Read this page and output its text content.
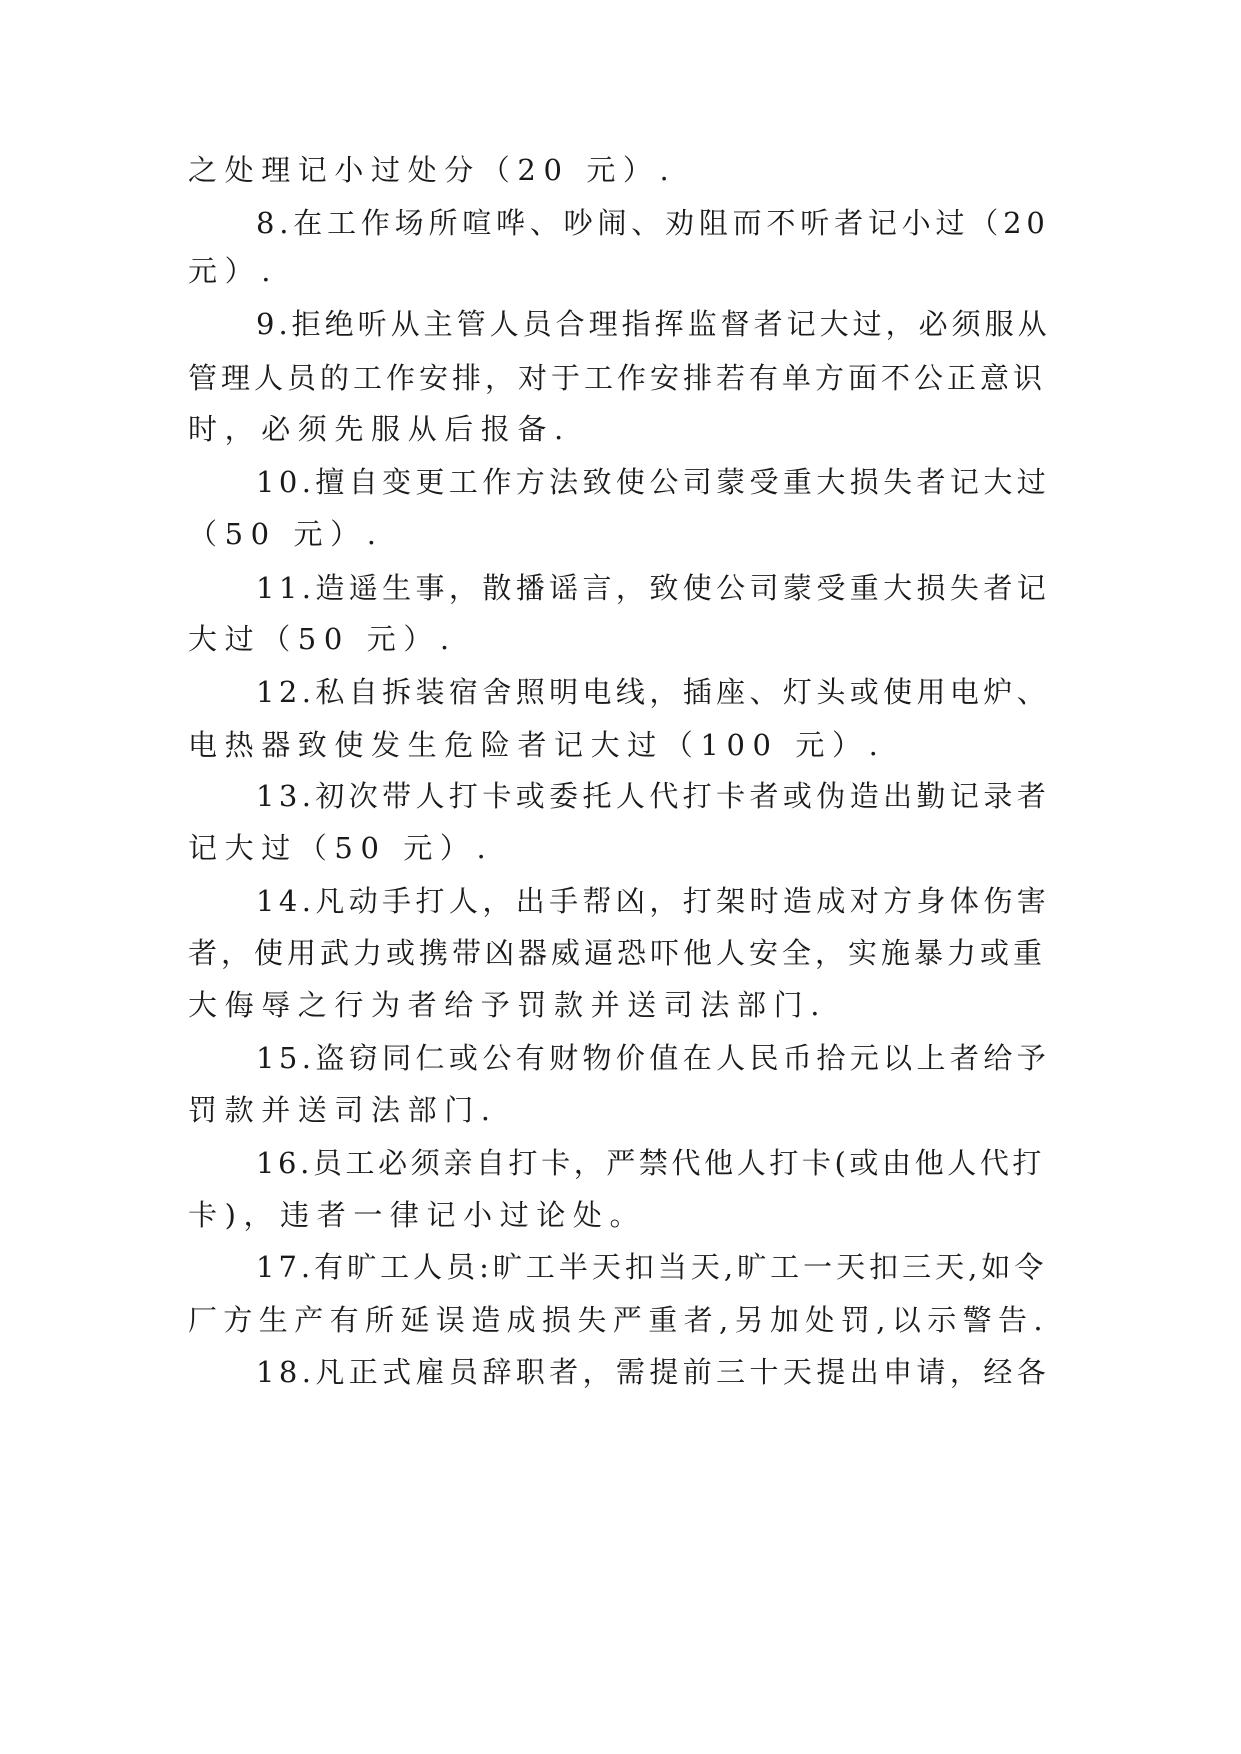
之处理记小过处分（20 元）.
8.在工作场所喧哗、吵闹、劝阻而不听者记小过（20
元）.
9.拒绝听从主管人员合理指挥监督者记大过，必须服从
管理人员的工作安排，对于工作安排若有单方面不公正意识
时，必须先服从后报备.
10.擅自变更工作方法致使公司蒙受重大损失者记大过
（50 元）.
11.造遥生事，散播谣言，致使公司蒙受重大损失者记
大过（50 元）.
12.私自拆装宿舍照明电线，插座、灯头或使用电炉、
电热器致使发生危险者记大过（100 元）.
13.初次带人打卡或委托人代打卡者或伪造出勤记录者
记大过（50 元）.
14.凡动手打人，出手帮凶，打架时造成对方身体伤害
者，使用武力或携带凶器威逼恐吓他人安全，实施暴力或重
大侮辱之行为者给予罚款并送司法部门.
15.盗窃同仁或公有财物价值在人民币拾元以上者给予
罚款并送司法部门.
16.员工必须亲自打卡，严禁代他人打卡(或由他人代打
卡)，违者一律记小过论处。
17.有旷工人员:旷工半天扣当天,旷工一天扣三天,如令
厂方生产有所延误造成损失严重者,另加处罚,以示警告.
18.凡正式雇员辞职者，需提前三十天提出申请，经各
